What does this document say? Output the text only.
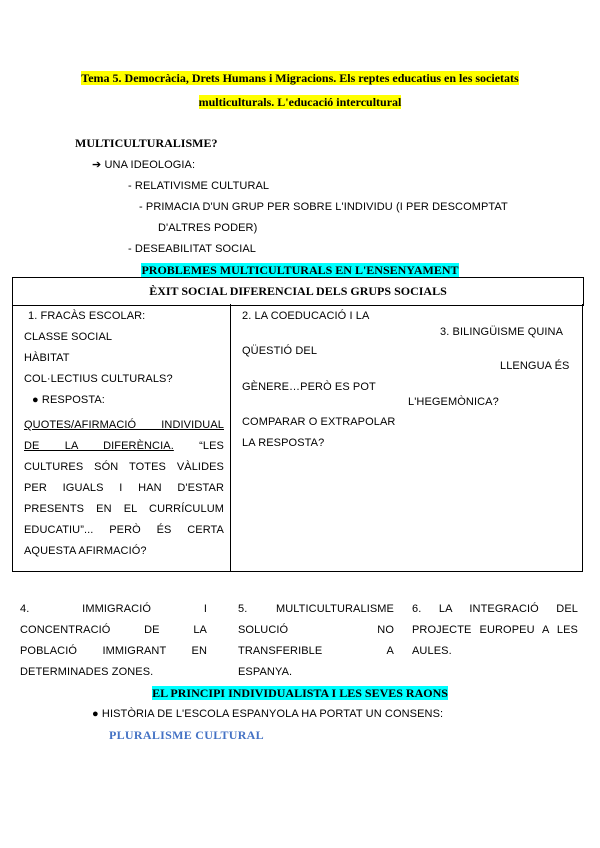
Tema 5. Democràcia, Drets Humans i Migracions. Els reptes educatius en les societats
multiculturals. L'educació intercultural
MULTICULTURALISME?
➔ UNA IDEOLOGIA:
- RELATIVISME CULTURAL
- PRIMACIA D'UN GRUP PER SOBRE L'INDIVIDU (I PER DESCOMPTAT
D'ALTRES PODER)
- DESEABILITAT SOCIAL
PROBLEMES MULTICULTURALS EN L'ENSENYAMENT
ÈXIT SOCIAL DIFERENCIAL DELS GRUPS SOCIALS
1. FRACÀS ESCOLAR:
CLASSE SOCIAL
HÀBITAT
COL·LECTIUS CULTURALS?
● RESPOSTA:
QUOTES/AFIRMACIÓ INDIVIDUAL
DE LA DIFERÈNCIA. “LES
CULTURES SÓN TOTES VÀLIDES
PER IGUALS I HAN D'ESTAR
PRESENTS EN EL CURRÍCULUM
EDUCATIU”... PERÒ ÉS CERTA
AQUESTA AFIRMACIÓ?
2. LA COEDUCACIÓ I LA
QÜESTIÓ DEL
GÈNERE…PERÒ ES POT
COMPARAR O EXTRAPOLAR
LA RESPOSTA?
3. BILINGÜISME QUINA
LLENGUA ÉS
L'HEGEMÒNICA?
4. IMMIGRACIÓ I
CONCENTRACIÓ DE LA
POBLACIÓ IMMIGRANT EN
DETERMINADES ZONES.
5. MULTICULTURALISME
SOLUCIÓ NO
TRANSFERIBLE A
ESPANYA.
6. LA INTEGRACIÓ DEL
PROJECTE EUROPEU A LES
AULES.
EL PRINCIPI INDIVIDUALISTA I LES SEVES RAONS
● HISTÒRIA DE L'ESCOLA ESPANYOLA HA PORTAT UN CONSENS:
PLURALISME CULTURAL
